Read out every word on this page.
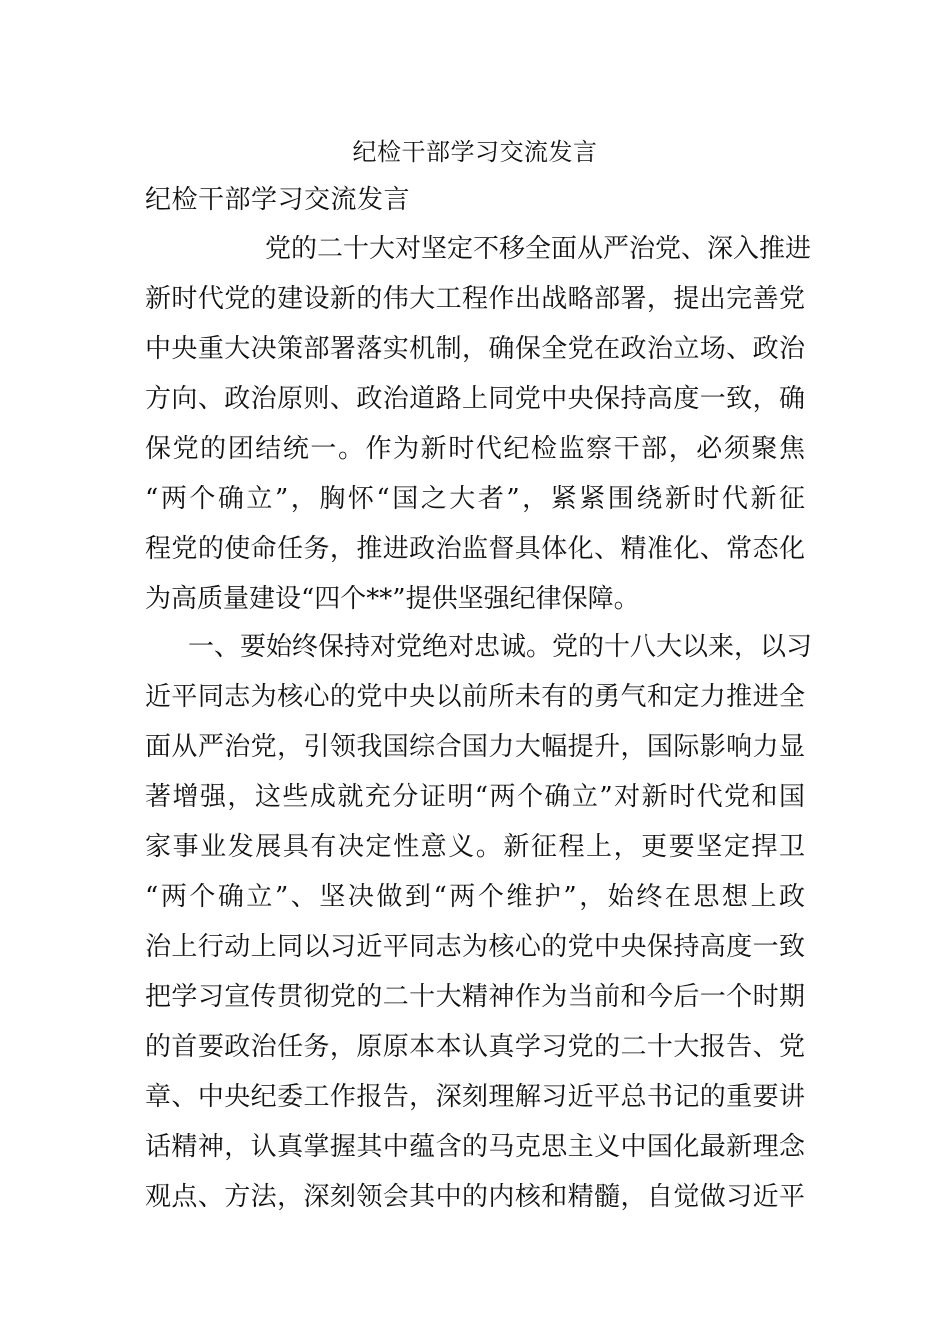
纪检干部学习交流发言
纪检干部学习交流发言
党的二十大对坚定不移全面从严治党、深入推进
新时代党的建设新的伟大工程作出战略部署，提出完善党
中央重大决策部署落实机制，确保全党在政治立场、政治
方向、政治原则、政治道路上同党中央保持高度一致，确
保党的团结统一。作为新时代纪检监察干部，必须聚焦
“两个确立”，胸怀“国之大者”，紧紧围绕新时代新征
程党的使命任务，推进政治监督具体化、精准化、常态化
为高质量建设“四个**”提供坚强纪律保障。
一、要始终保持对党绝对忠诚。党的十八大以来，以习
近平同志为核心的党中央以前所未有的勇气和定力推进全
面从严治党，引领我国综合国力大幅提升，国际影响力显
著增强，这些成就充分证明“两个确立”对新时代党和国
家事业发展具有决定性意义。新征程上，更要坚定捍卫
“两个确立”、坚决做到“两个维护”，始终在思想上政
治上行动上同以习近平同志为核心的党中央保持高度一致
把学习宣传贯彻党的二十大精神作为当前和今后一个时期
的首要政治任务，原原本本认真学习党的二十大报告、党
章、中央纪委工作报告，深刻理解习近平总书记的重要讲
话精神，认真掌握其中蕴含的马克思主义中国化最新理念
观点、方法，深刻领会其中的内核和精髓，自觉做习近平
